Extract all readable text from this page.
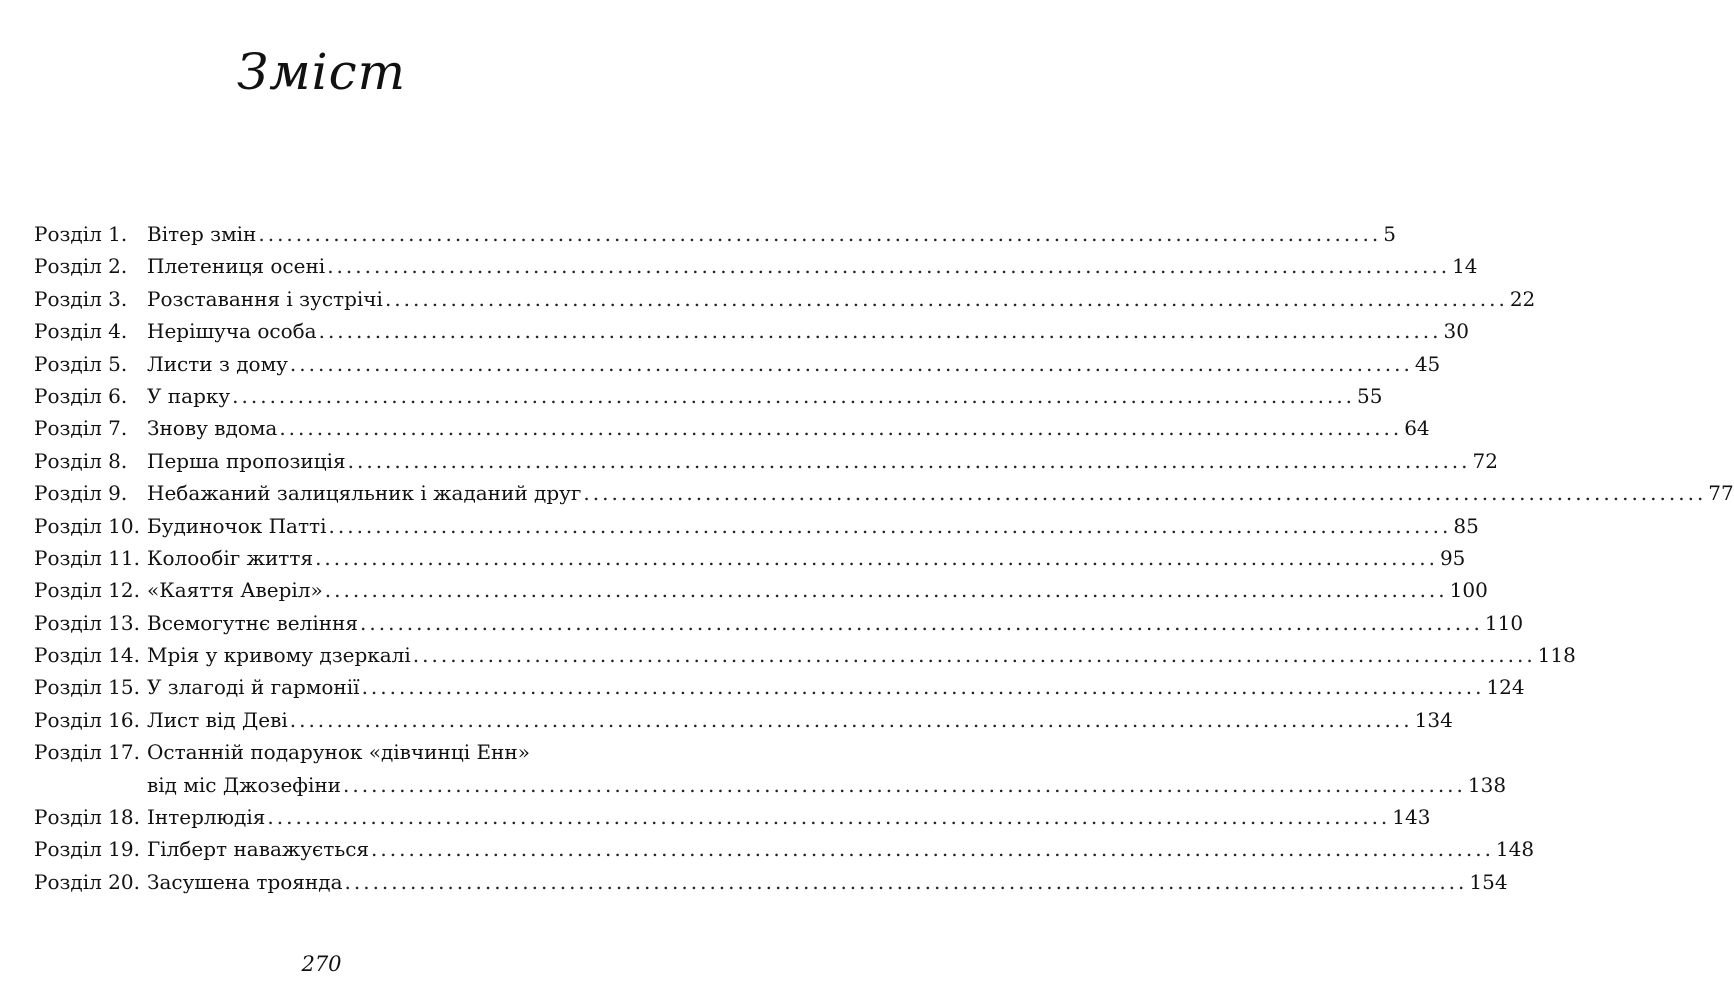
Зміст
Розділ 1. Вітер змін ........................................................................................................................ 5
Розділ 2. Плетениця осені ........................................................................................................................ 14
Розділ 3. Розставання і зустрічі ........................................................................................................................ 22
Розділ 4. Нерішуча особа ........................................................................................................................ 30
Розділ 5. Листи з дому ........................................................................................................................ 45
Розділ 6. У парку ........................................................................................................................ 55
Розділ 7. Знову вдома ........................................................................................................................ 64
Розділ 8. Перша пропозиція ........................................................................................................................ 72
Розділ 9. Небажаний залицяльник і жаданий друг ........................................................................................................................ 77
Розділ 10. Будиночок Патті ........................................................................................................................ 85
Розділ 11. Колообіг життя ........................................................................................................................ 95
Розділ 12. «Каяття Аверіл» ........................................................................................................................ 100
Розділ 13. Всемогутнє веління ........................................................................................................................ 110
Розділ 14. Мрія у кривому дзеркалі ........................................................................................................................ 118
Розділ 15. У злагоді й гармонії ........................................................................................................................ 124
Розділ 16. Лист від Деві ........................................................................................................................ 134
Розділ 17. Останній подарунок «дівчинці Енн»
від міс Джозефіни ........................................................................................................................ 138
Розділ 18. Інтерлюдія ........................................................................................................................ 143
Розділ 19. Гілберт наважується ........................................................................................................................ 148
Розділ 20. Засушена троянда ........................................................................................................................ 154
270
